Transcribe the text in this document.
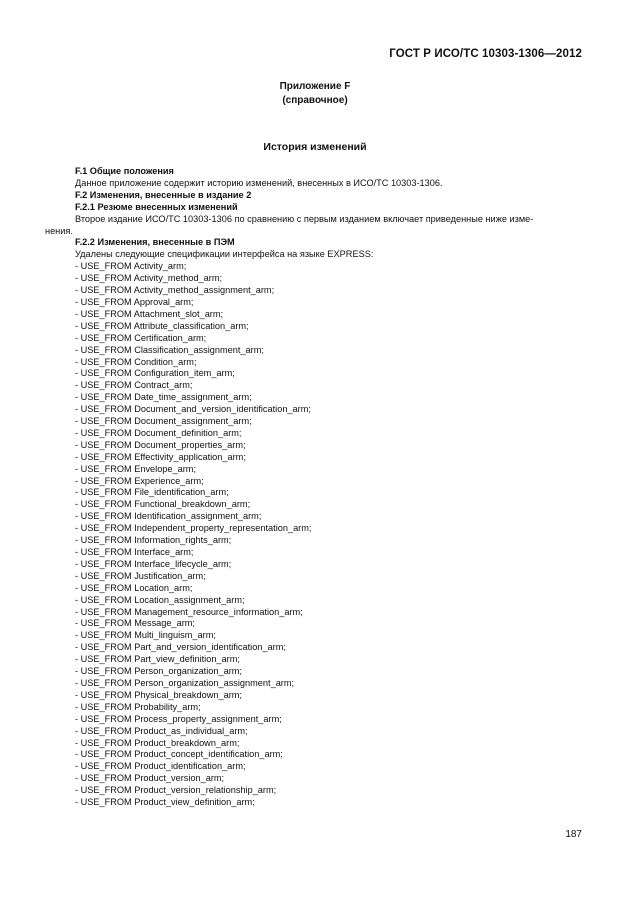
ГОСТ Р ИСО/ТС 10303-1306—2012
Приложение F
(справочное)
История изменений

F.1 Общие положения

Данное приложение содержит историю изменений, внесенных в ИСО/ТС 10303-1306.

F.2 Изменения, внесенные в издание 2

F.2.1 Резюме внесенных изменений

Второе издание ИСО/ТС 10303-1306 по сравнению с первым изданием включает приведенные ниже изме-

нения.

F.2.2 Изменения, внесенные в ПЭМ

Удалены следующие спецификации интерфейса на языке EXPRESS:

- USE_FROM Activity_arm;
- USE_FROM Activity_method_arm;
- USE_FROM Activity_method_assignment_arm;
- USE_FROM Approval_arm;
- USE_FROM Attachment_slot_arm;
- USE_FROM Attribute_classification_arm;
- USE_FROM Certification_arm;
- USE_FROM Classification_assignment_arm;
- USE_FROM Condition_arm;
- USE_FROM Configuration_item_arm;
- USE_FROM Contract_arm;
- USE_FROM Date_time_assignment_arm;
- USE_FROM Document_and_version_identification_arm;
- USE_FROM Document_assignment_arm;
- USE_FROM Document_definition_arm;
- USE_FROM Document_properties_arm;
- USE_FROM Effectivity_application_arm;
- USE_FROM Envelope_arm;
- USE_FROM Experience_arm;
- USE_FROM File_identification_arm;
- USE_FROM Functional_breakdown_arm;
- USE_FROM Identification_assignment_arm;
- USE_FROM Independent_property_representation_arm;
- USE_FROM Information_rights_arm;
- USE_FROM Interface_arm;
- USE_FROM Interface_lifecycle_arm;
- USE_FROM Justification_arm;
- USE_FROM Location_arm;
- USE_FROM Location_assignment_arm;
- USE_FROM Management_resource_information_arm;
- USE_FROM Message_arm;
- USE_FROM Multi_linguism_arm;
- USE_FROM Part_and_version_identification_arm;
- USE_FROM Part_view_definition_arm;
- USE_FROM Person_organization_arm;
- USE_FROM Person_organization_assignment_arm;
- USE_FROM Physical_breakdown_arm;
- USE_FROM Probability_arm;
- USE_FROM Process_property_assignment_arm;
- USE_FROM Product_as_individual_arm;
- USE_FROM Product_breakdown_arm;
- USE_FROM Product_concept_identification_arm;
- USE_FROM Product_identification_arm;
- USE_FROM Product_version_arm;
- USE_FROM Product_version_relationship_arm;
- USE_FROM Product_view_definition_arm;
187
